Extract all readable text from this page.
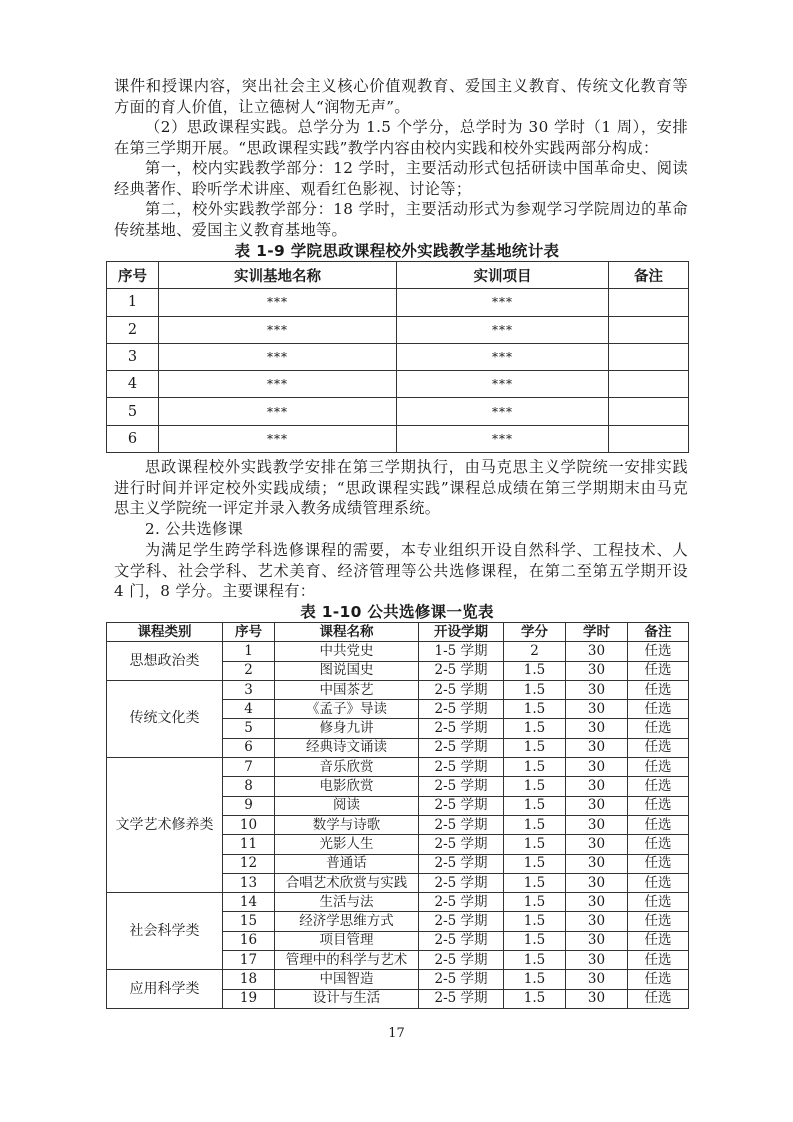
课件和授课内容，突出社会主义核心价值观教育、爱国主义教育、传统文化教育等方面的育人价值，让立德树人“润物无声”。

（2）思政课程实践。总学分为 1.5 个学分，总学时为 30 学时（1 周），安排在第三学期开展。“思政课程实践”教学内容由校内实践和校外实践两部分构成：

第一，校内实践教学部分：12 学时，主要活动形式包括研读中国革命史、阅读经典著作、聆听学术讲座、观看红色影视、讨论等；

第二，校外实践教学部分：18 学时，主要活动形式为参观学习学院周边的革命传统基地、爱国主义教育基地等。

表 1-9 学院思政课程校外实践教学基地统计表
序号	实训基地名称	实训项目	备注
1	***	***	
2	***	***	
3	***	***	
4	***	***	
5	***	***	
6	***	***	

思政课程校外实践教学安排在第三学期执行，由马克思主义学院统一安排实践进行时间并评定校外实践成绩；“思政课程实践”课程总成绩在第三学期期末由马克思主义学院统一评定并录入教务成绩管理系统。

2. 公共选修课

为满足学生跨学科选修课程的需要，本专业组织开设自然科学、工程技术、人文学科、社会学科、艺术美育、经济管理等公共选修课程，在第二至第五学期开设 4 门，8 学分。主要课程有：

表 1-10 公共选修课一览表
课程类别	序号	课程名称	开设学期	学分	学时	备注
思想政治类	1	中共党史	1-5 学期	2	30	任选
	2	图说国史	2-5 学期	1.5	30	任选
传统文化类	3	中国茶艺	2-5 学期	1.5	30	任选
	4	《孟子》导读	2-5 学期	1.5	30	任选
	5	修身九讲	2-5 学期	1.5	30	任选
	6	经典诗文诵读	2-5 学期	1.5	30	任选
文学艺术修养类	7	音乐欣赏	2-5 学期	1.5	30	任选
	8	电影欣赏	2-5 学期	1.5	30	任选
	9	阅读	2-5 学期	1.5	30	任选
	10	数学与诗歌	2-5 学期	1.5	30	任选
	11	光影人生	2-5 学期	1.5	30	任选
	12	普通话	2-5 学期	1.5	30	任选
	13	合唱艺术欣赏与实践	2-5 学期	1.5	30	任选
社会科学类	14	生活与法	2-5 学期	1.5	30	任选
	15	经济学思维方式	2-5 学期	1.5	30	任选
	16	项目管理	2-5 学期	1.5	30	任选
	17	管理中的科学与艺术	2-5 学期	1.5	30	任选
应用科学类	18	中国智造	2-5 学期	1.5	30	任选
	19	设计与生活	2-5 学期	1.5	30	任选
17
